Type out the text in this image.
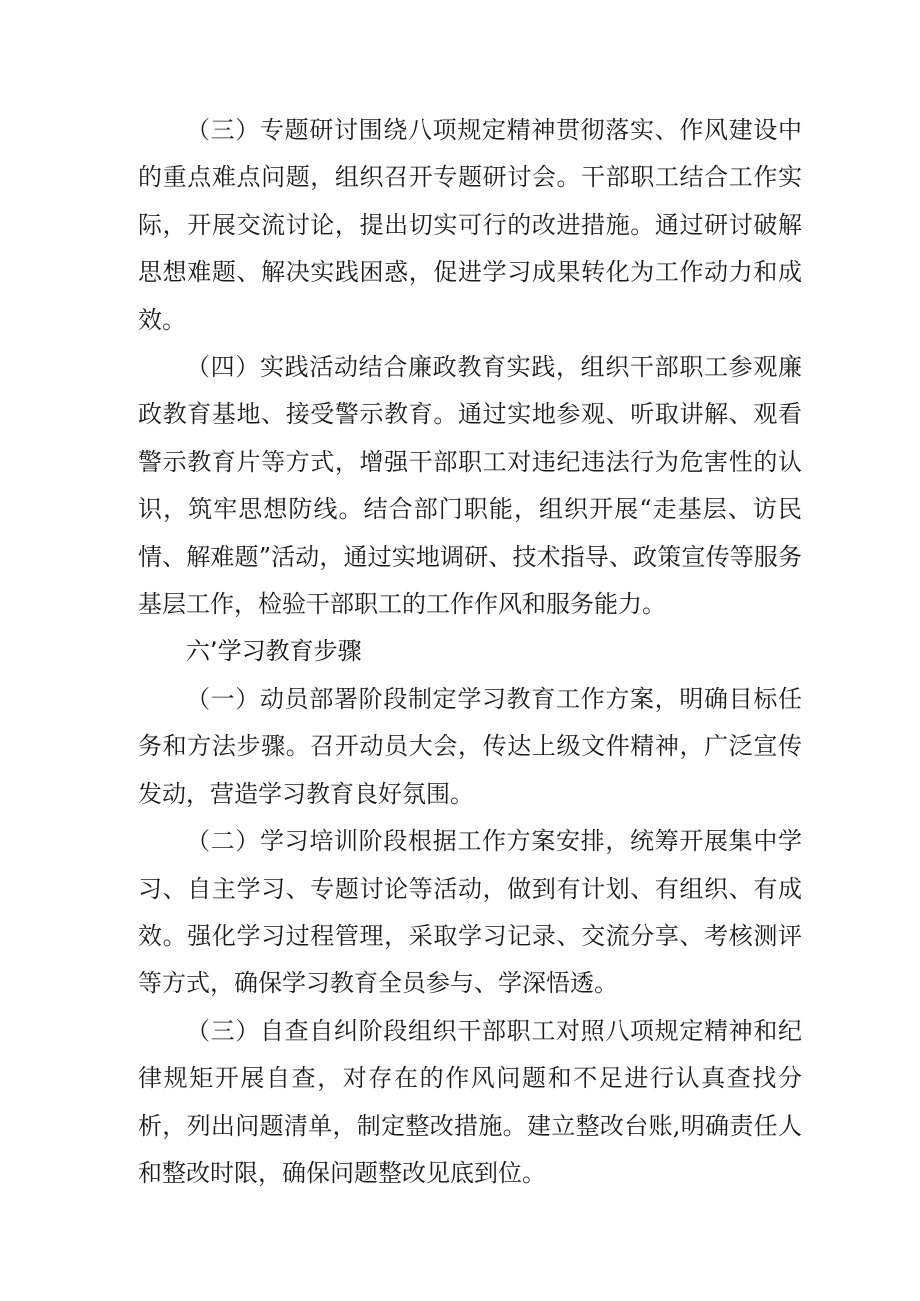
（三）专题研讨围绕八项规定精神贯彻落实、作风建设中的重点难点问题，组织召开专题研讨会。干部职工结合工作实际，开展交流讨论，提出切实可行的改进措施。通过研讨破解思想难题、解决实践困惑，促进学习成果转化为工作动力和成效。

（四）实践活动结合廉政教育实践，组织干部职工参观廉政教育基地、接受警示教育。通过实地参观、听取讲解、观看警示教育片等方式，增强干部职工对违纪违法行为危害性的认识，筑牢思想防线。结合部门职能，组织开展“走基层、访民情、解难题”活动，通过实地调研、技术指导、政策宣传等服务基层工作，检验干部职工的工作作风和服务能力。

六’学习教育步骤

（一）动员部署阶段制定学习教育工作方案，明确目标任务和方法步骤。召开动员大会，传达上级文件精神，广泛宣传发动，营造学习教育良好氛围。

（二）学习培训阶段根据工作方案安排，统筹开展集中学习、自主学习、专题讨论等活动，做到有计划、有组织、有成效。强化学习过程管理，采取学习记录、交流分享、考核测评等方式，确保学习教育全员参与、学深悟透。

（三）自查自纠阶段组织干部职工对照八项规定精神和纪律规矩开展自查，对存在的作风问题和不足进行认真查找分析，列出问题清单，制定整改措施。建立整改台账,明确责任人和整改时限，确保问题整改见底到位。
